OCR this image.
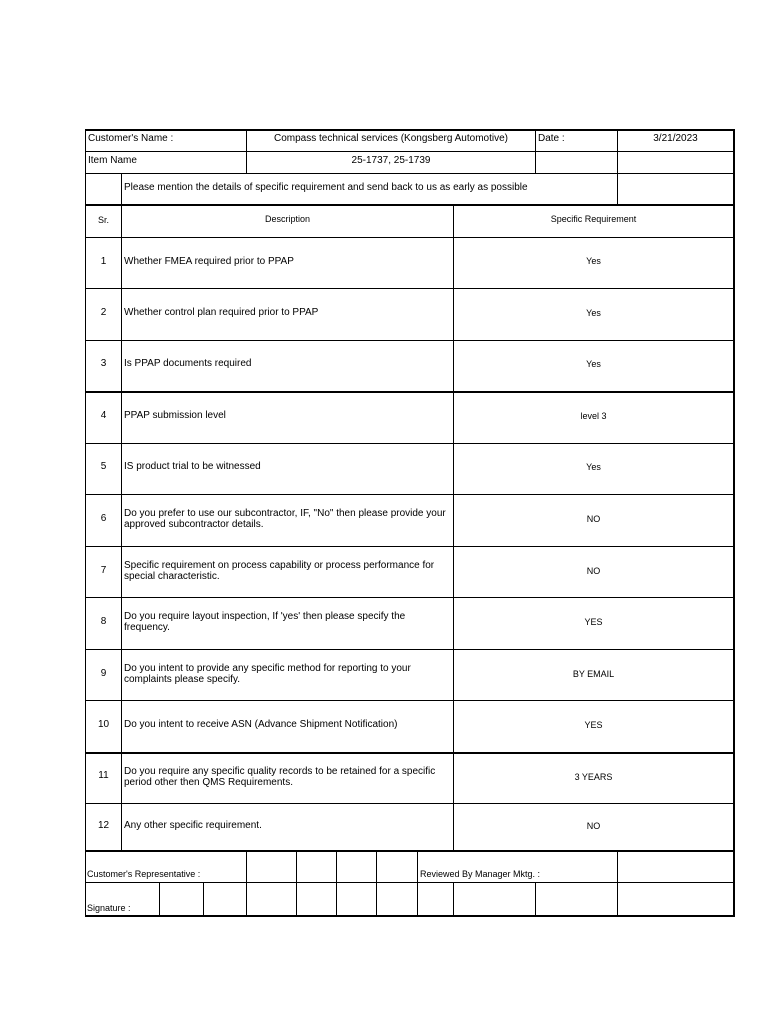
Customer's Name :	Compass technical services (Kongsberg Automotive)	Date :	3/21/2023
Item Name	25-1737, 25-1739
Please mention the details of specific requirement and send back to us as early as possible
Sr.	Description	Specific Requirement
1	Whether FMEA required prior to PPAP	Yes
2	Whether control plan required prior to PPAP	Yes
3	Is PPAP documents required	Yes
4	PPAP submission level	level 3
5	IS product trial to be witnessed	Yes
6	Do you prefer to use our subcontractor, IF, "No" then please provide your approved subcontractor details.	NO
7	Specific requirement on process capability or process performance for special characteristic.	NO
8	Do you require layout inspection, If 'yes' then please specify the frequency.	YES
9	Do you intent to provide any specific method for reporting to your complaints please specify.	BY EMAIL
10	Do you intent to receive ASN (Advance Shipment Notification)	YES
11	Do you require any specific quality records to be retained for a specific period other then QMS Requirements.	3 YEARS
12	Any other specific requirement.	NO
Customer's Representative :	Reviewed By Manager Mktg. :
Signature :
